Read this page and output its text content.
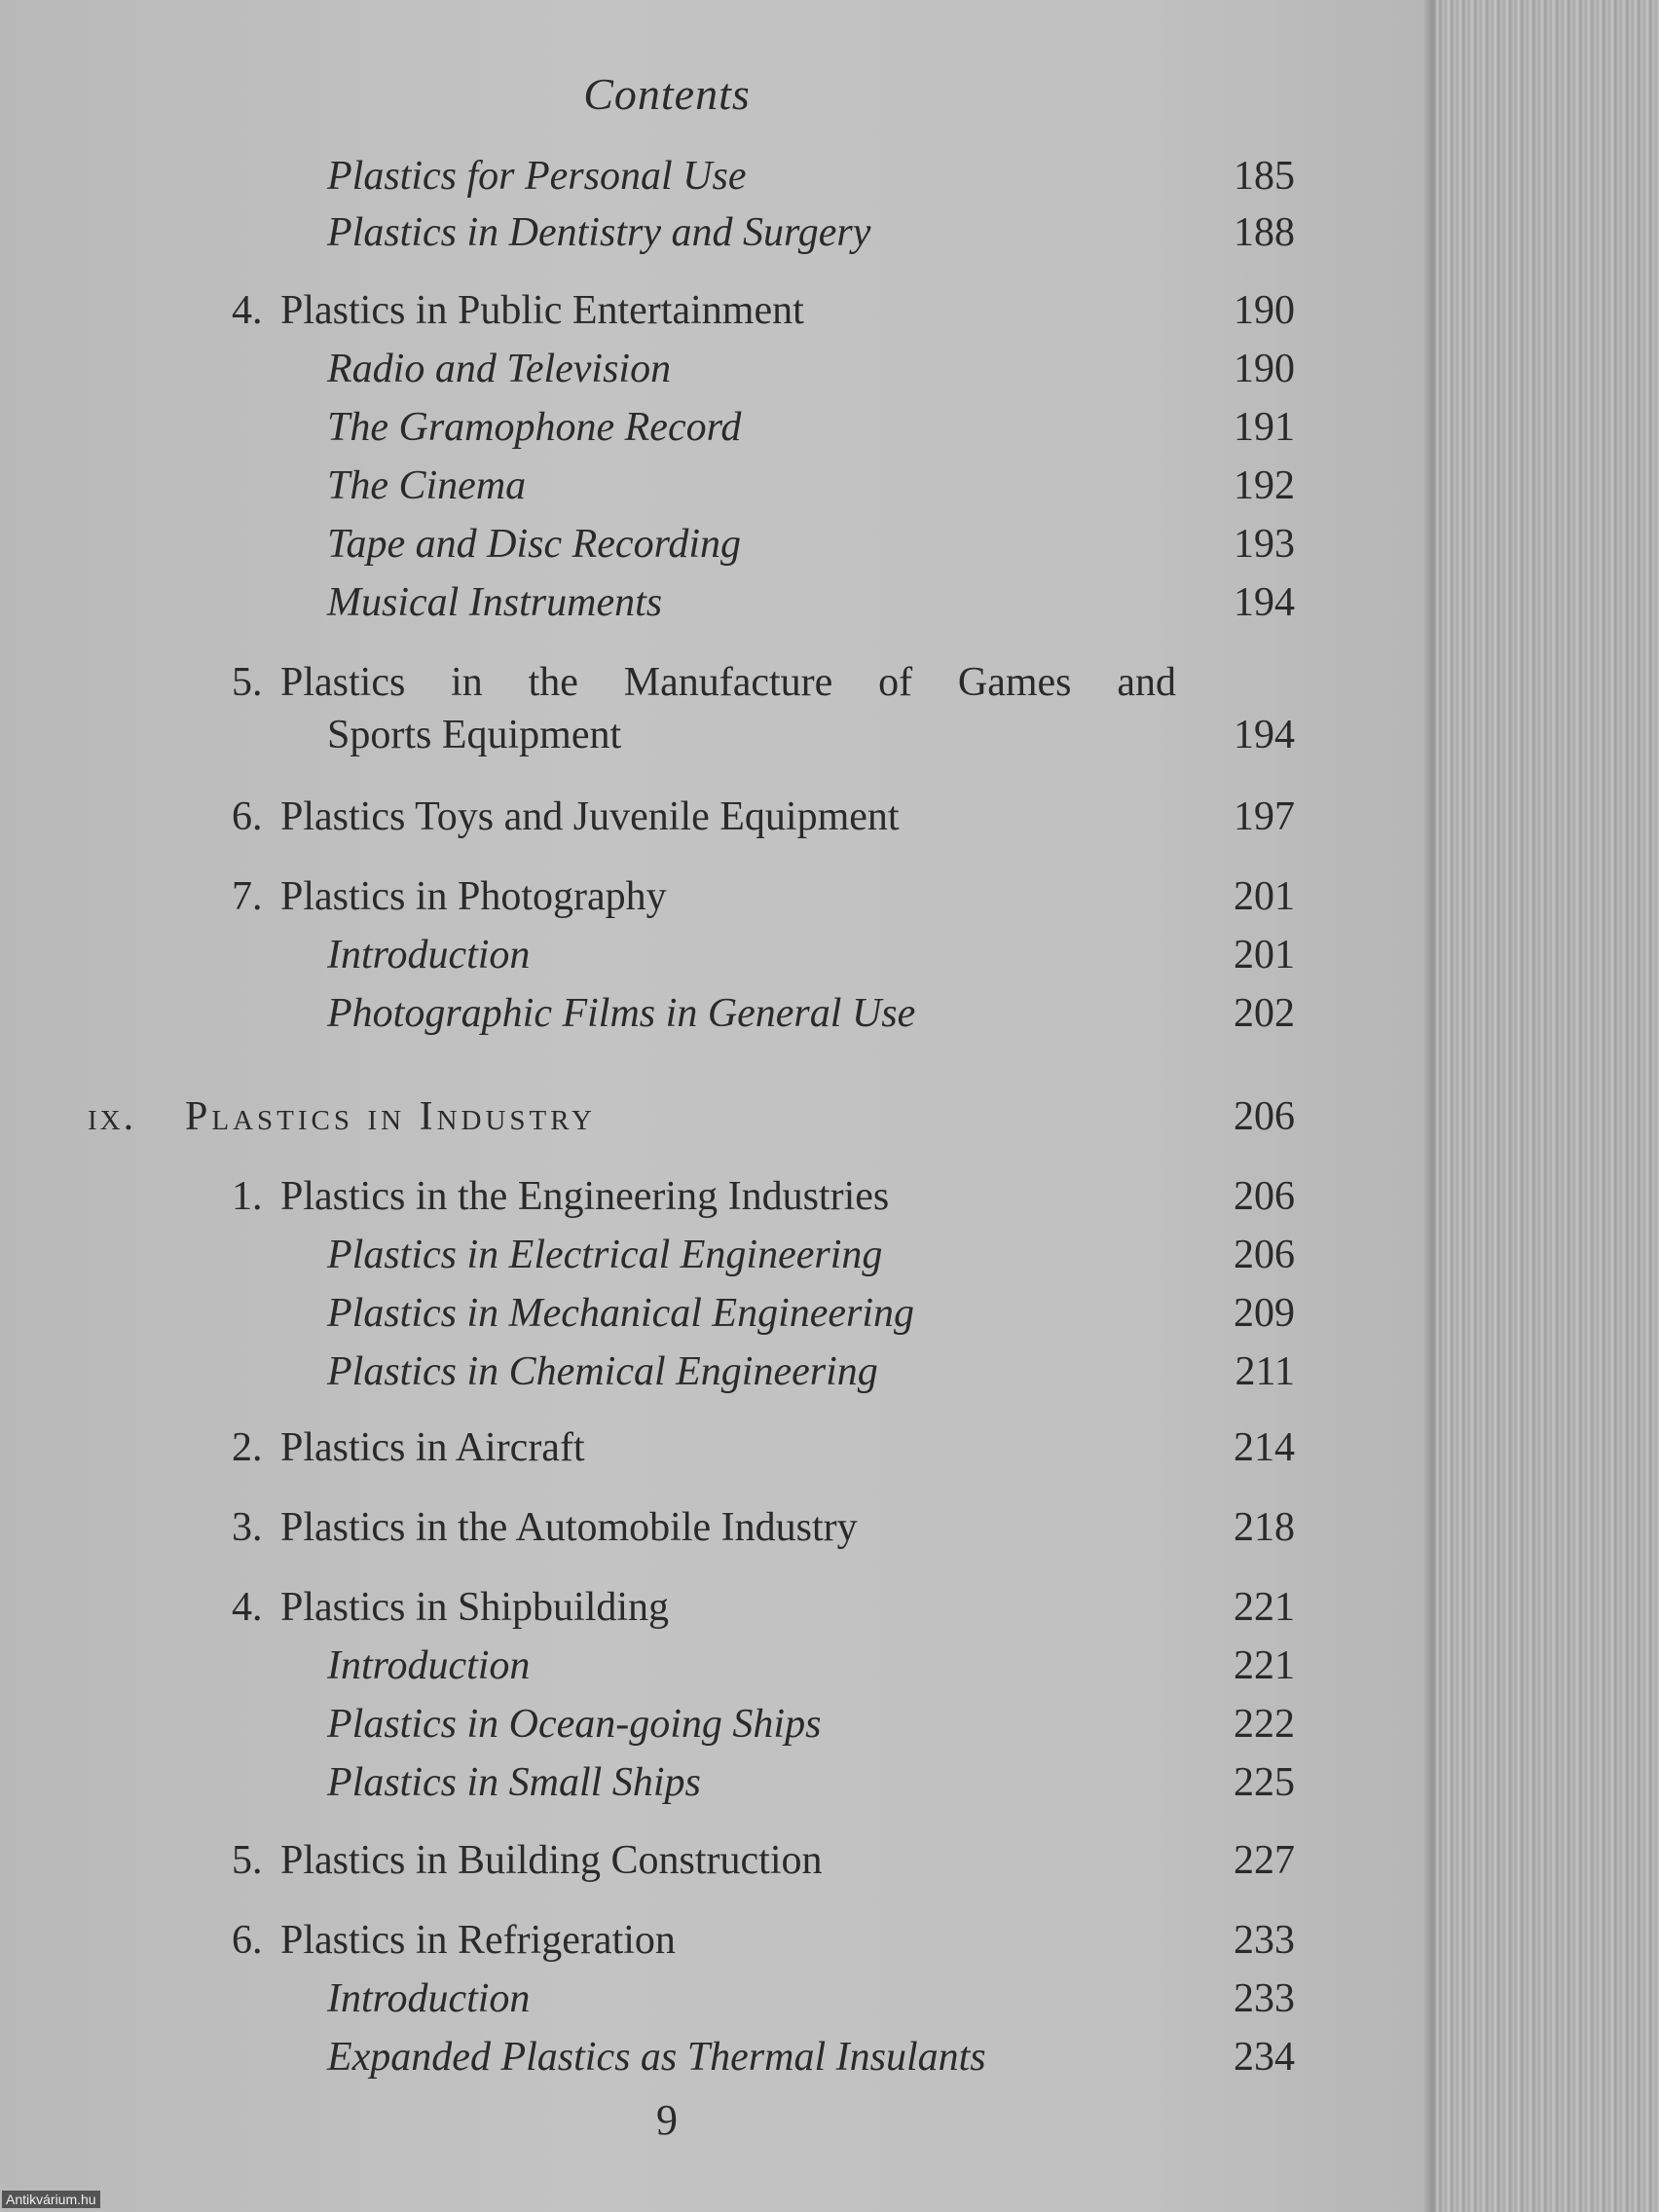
Contents
Plastics for Personal Use	185
Plastics in Dentistry and Surgery	188
4. Plastics in Public Entertainment	190
Radio and Television	190
The Gramophone Record	191
The Cinema	192
Tape and Disc Recording	193
Musical Instruments	194
5. Plastics in the Manufacture of Games and
Sports Equipment	194
6. Plastics Toys and Juvenile Equipment	197
7. Plastics in Photography	201
Introduction	201
Photographic Films in General Use	202
ix. Plastics in Industry	206
1. Plastics in the Engineering Industries	206
Plastics in Electrical Engineering	206
Plastics in Mechanical Engineering	209
Plastics in Chemical Engineering	211
2. Plastics in Aircraft	214
3. Plastics in the Automobile Industry	218
4. Plastics in Shipbuilding	221
Introduction	221
Plastics in Ocean-going Ships	222
Plastics in Small Ships	225
5. Plastics in Building Construction	227
6. Plastics in Refrigeration	233
Introduction	233
Expanded Plastics as Thermal Insulants	234
9
Antikvárium.hu
